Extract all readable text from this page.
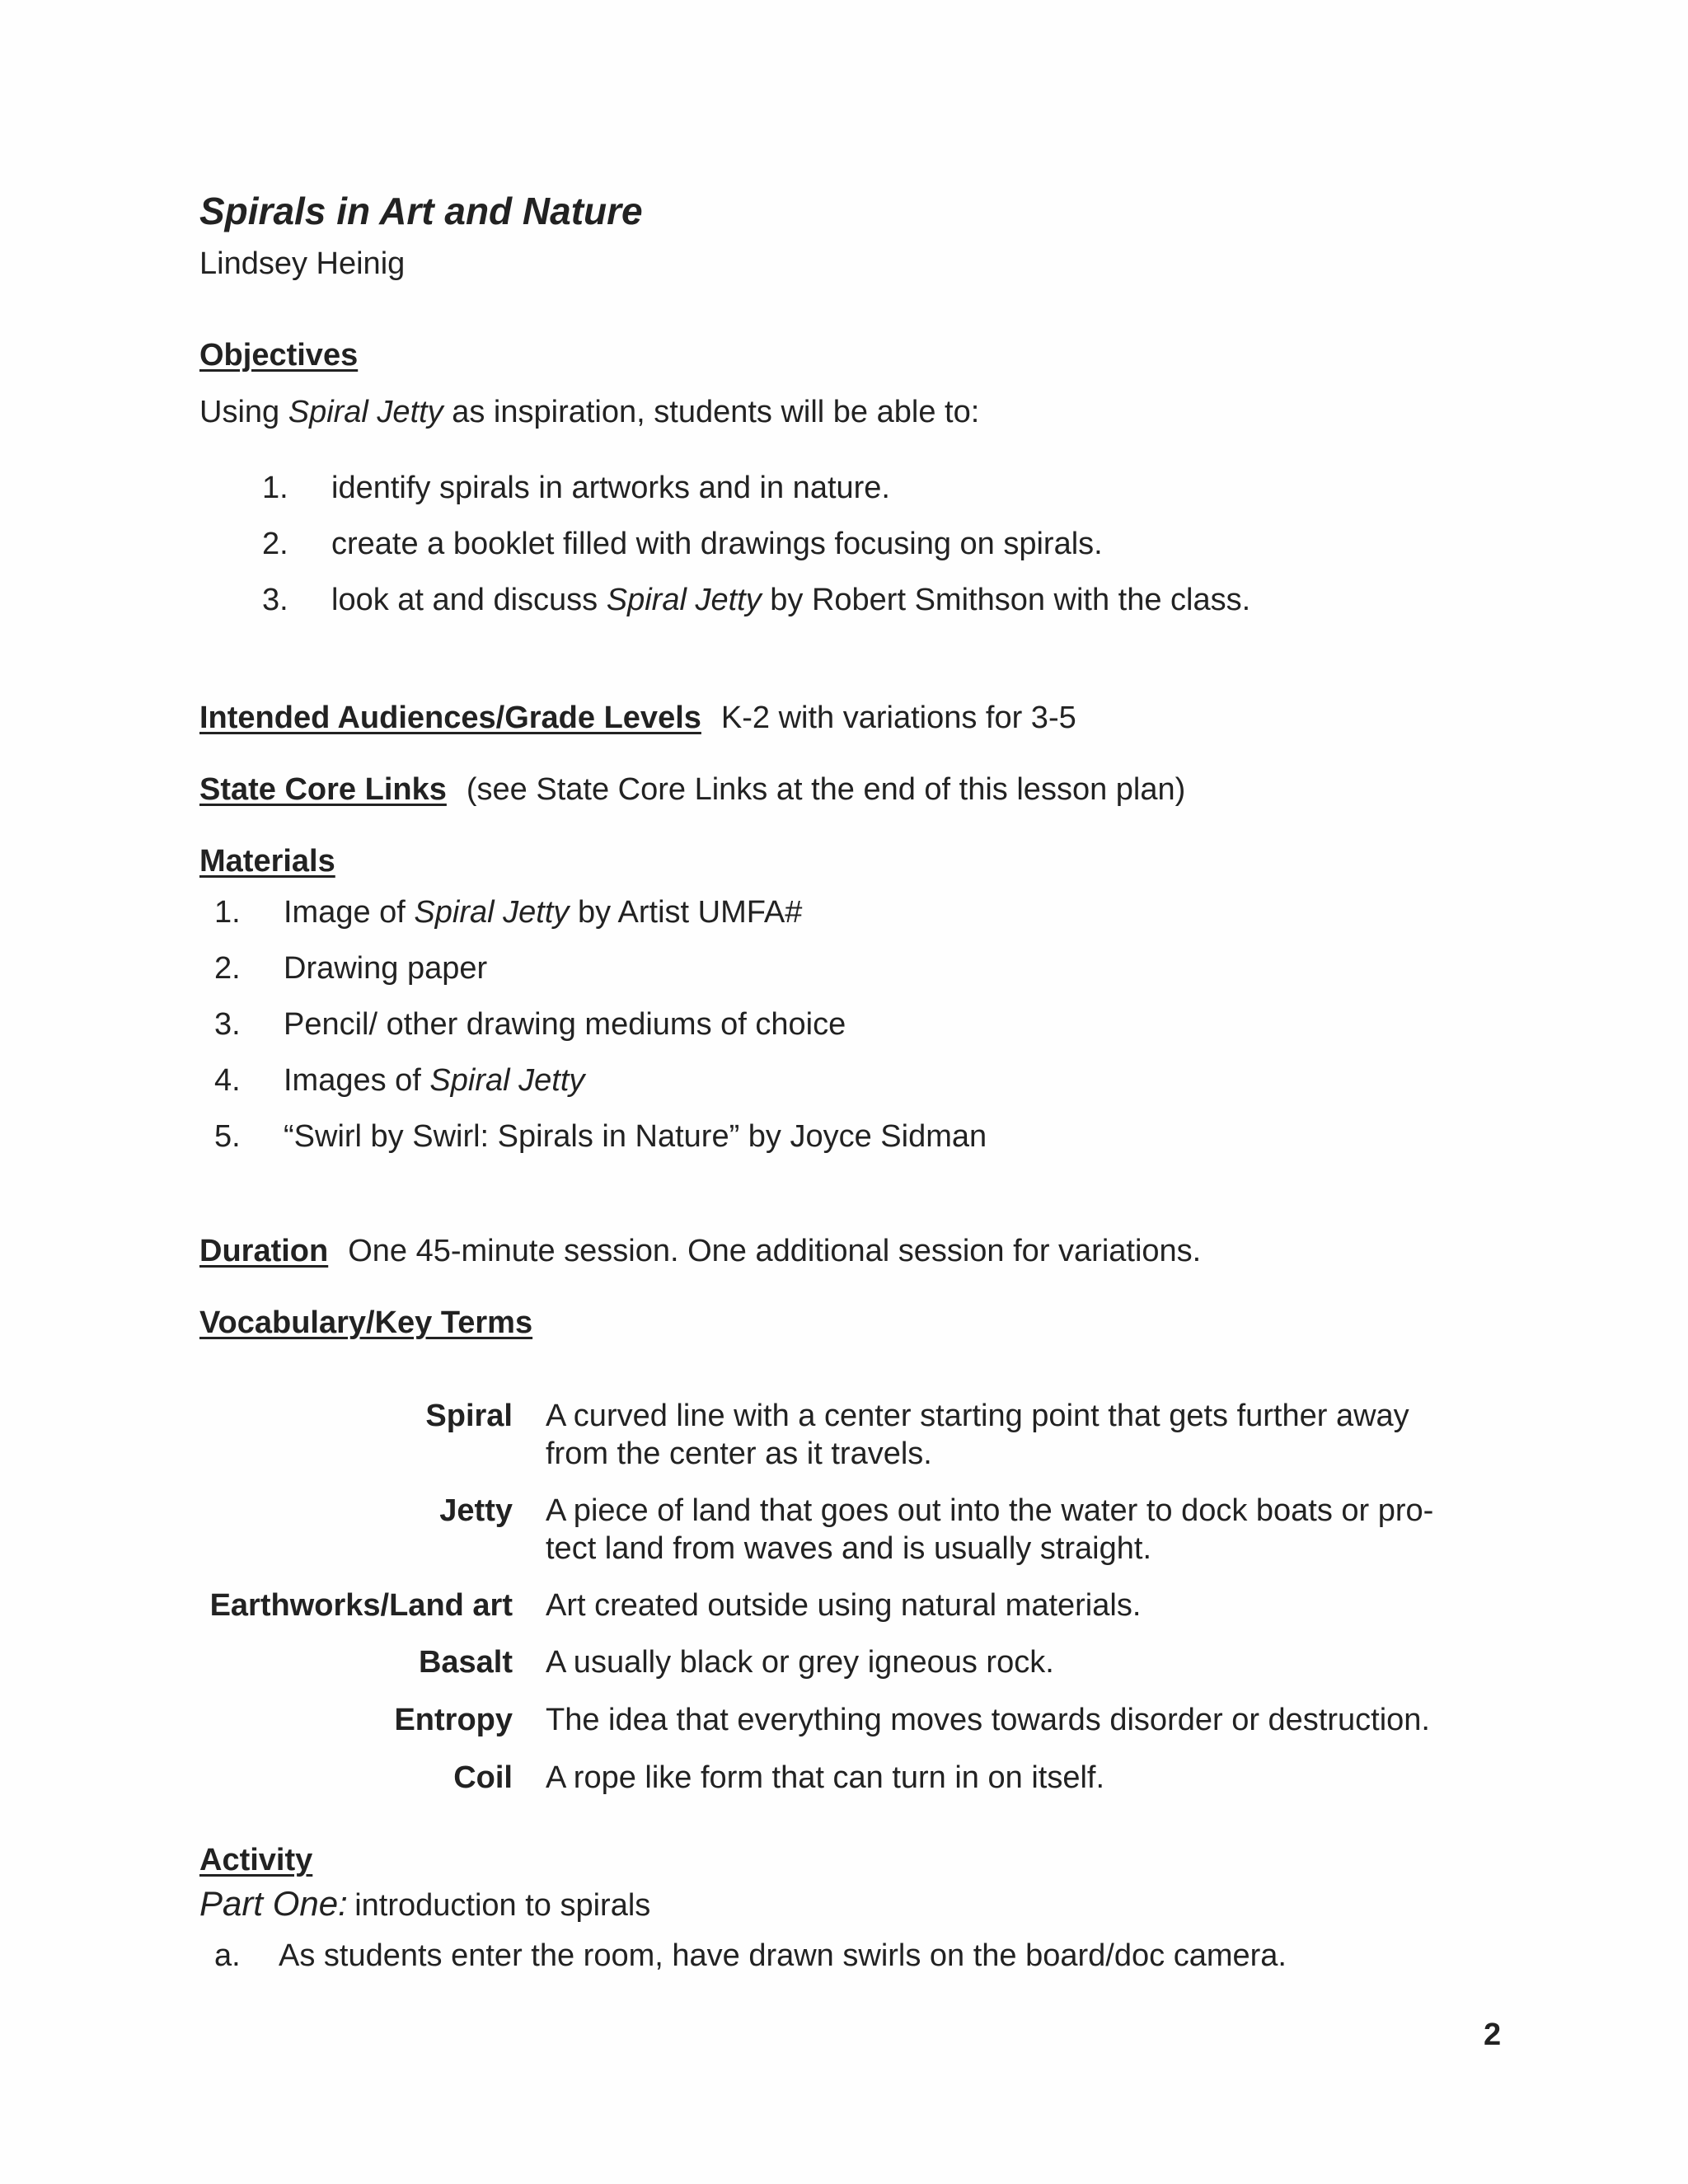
Spirals in Art and Nature
Lindsey Heinig
Objectives
Using Spiral Jetty as inspiration, students will be able to:
1. identify spirals in artworks and in nature.
2. create a booklet filled with drawings focusing on spirals.
3. look at and discuss Spiral Jetty by Robert Smithson with the class.
Intended Audiences/Grade Levels K-2 with variations for 3-5
State Core Links (see State Core Links at the end of this lesson plan)
Materials
1. Image of Spiral Jetty by Artist UMFA#
2. Drawing paper
3. Pencil/ other drawing mediums of choice
4. Images of Spiral Jetty
5. “Swirl by Swirl: Spirals in Nature” by Joyce Sidman
Duration One 45-minute session. One additional session for variations.
Vocabulary/Key Terms
Spiral A curved line with a center starting point that gets further away
from the center as it travels.
Jetty A piece of land that goes out into the water to dock boats or pro-
tect land from waves and is usually straight.
Earthworks/Land art Art created outside using natural materials.
Basalt A usually black or grey igneous rock.
Entropy The idea that everything moves towards disorder or destruction.
Coil A rope like form that can turn in on itself.
Activity
Part One: introduction to spirals
a. As students enter the room, have drawn swirls on the board/doc camera.
2
